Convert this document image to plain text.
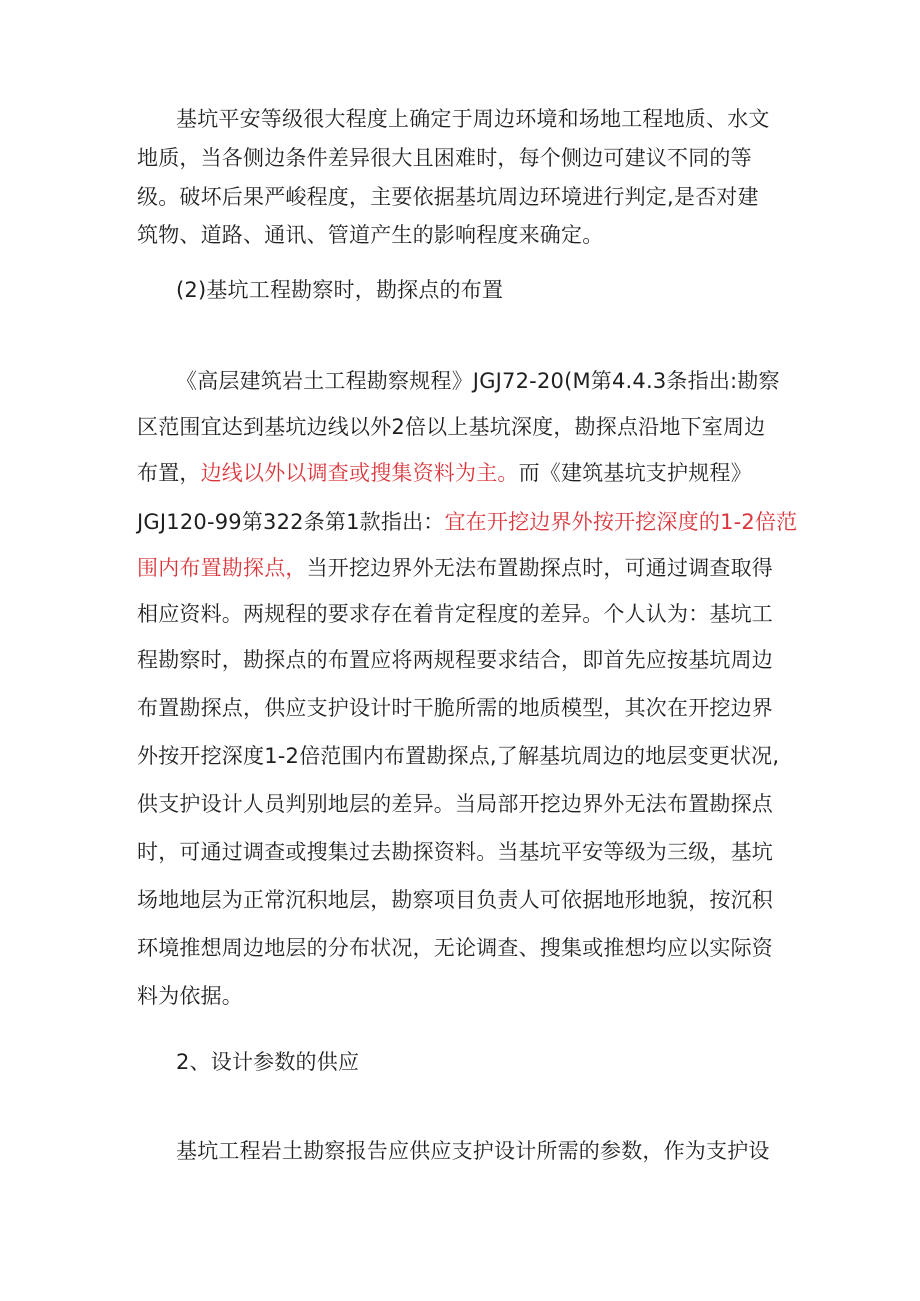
基坑平安等级很大程度上确定于周边环境和场地工程地质、水文
地质，当各侧边条件差异很大且困难时，每个侧边可建议不同的等
级。破坏后果严峻程度，主要依据基坑周边环境进行判定,是否对建
筑物、道路、通讯、管道产生的影响程度来确定。
(2)基坑工程勘察时，勘探点的布置
《高层建筑岩土工程勘察规程》JGJ72-20(M第4.4.3条指出:勘察
区范围宜达到基坑边线以外2倍以上基坑深度，勘探点沿地下室周边
布置，边线以外以调查或搜集资料为主。而《建筑基坑支护规程》
JGJ120-99第322条第1款指出：宜在开挖边界外按开挖深度的1-2倍范
围内布置勘探点，当开挖边界外无法布置勘探点时，可通过调查取得
相应资料。两规程的要求存在着肯定程度的差异。个人认为：基坑工
程勘察时，勘探点的布置应将两规程要求结合，即首先应按基坑周边
布置勘探点，供应支护设计时干脆所需的地质模型，其次在开挖边界
外按开挖深度1-2倍范围内布置勘探点,了解基坑周边的地层变更状况,
供支护设计人员判别地层的差异。当局部开挖边界外无法布置勘探点
时，可通过调查或搜集过去勘探资料。当基坑平安等级为三级，基坑
场地地层为正常沉积地层，勘察项目负责人可依据地形地貌，按沉积
环境推想周边地层的分布状况，无论调查、搜集或推想均应以实际资
料为依据。
2、设计参数的供应
基坑工程岩土勘察报告应供应支护设计所需的参数，作为支护设
